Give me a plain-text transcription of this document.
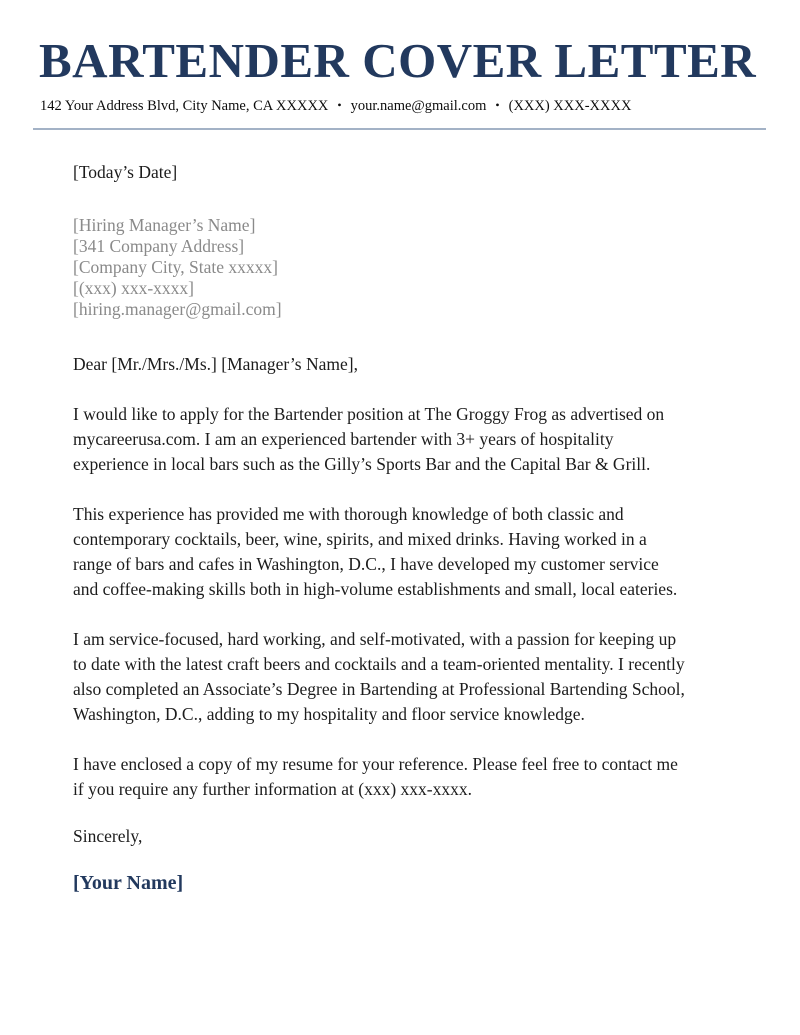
BARTENDER COVER LETTER
142 Your Address Blvd, City Name, CA XXXXX • your.name@gmail.com • (XXX) XXX-XXXX

[Today’s Date]

[Hiring Manager’s Name]
[341 Company Address]
[Company City, State xxxxx]
[(xxx) xxx-xxxx]
[hiring.manager@gmail.com]

Dear [Mr./Mrs./Ms.] [Manager’s Name],

I would like to apply for the Bartender position at The Groggy Frog as advertised on mycareerusa.com. I am an experienced bartender with 3+ years of hospitality experience in local bars such as the Gilly’s Sports Bar and the Capital Bar & Grill.

This experience has provided me with thorough knowledge of both classic and contemporary cocktails, beer, wine, spirits, and mixed drinks. Having worked in a range of bars and cafes in Washington, D.C., I have developed my customer service and coffee-making skills both in high-volume establishments and small, local eateries.

I am service-focused, hard working, and self-motivated, with a passion for keeping up to date with the latest craft beers and cocktails and a team-oriented mentality. I recently also completed an Associate’s Degree in Bartending at Professional Bartending School, Washington, D.C., adding to my hospitality and floor service knowledge.

I have enclosed a copy of my resume for your reference. Please feel free to contact me if you require any further information at (xxx) xxx-xxxx.

Sincerely,

[Your Name]
